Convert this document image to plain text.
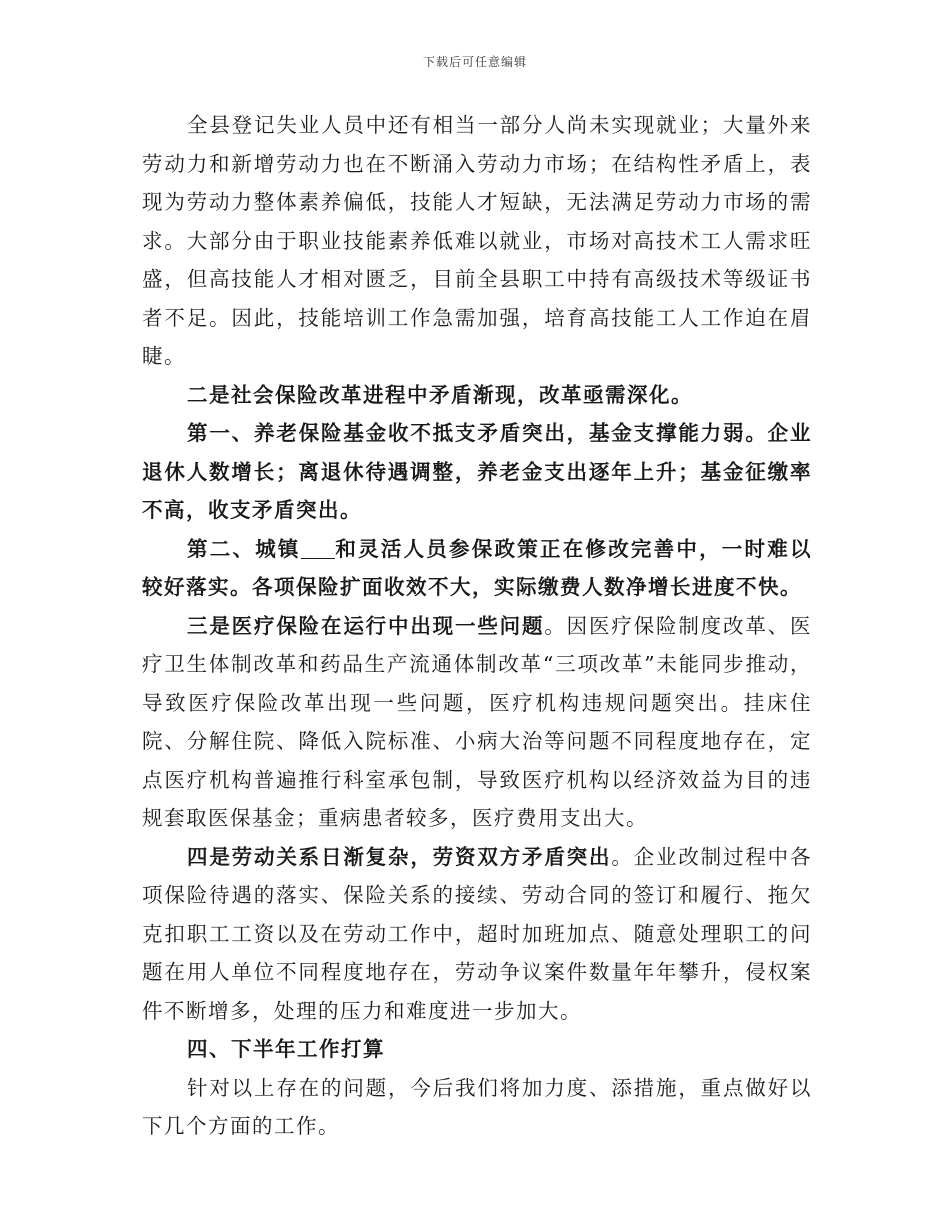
下载后可任意编辑

全县登记失业人员中还有相当一部分人尚未实现就业；大量外来劳动力和新增劳动力也在不断涌入劳动力市场；在结构性矛盾上，表现为劳动力整体素养偏低，技能人才短缺，无法满足劳动力市场的需求。大部分由于职业技能素养低难以就业，市场对高技术工人需求旺盛，但高技能人才相对匮乏，目前全县职工中持有高级技术等级证书者不足。因此，技能培训工作急需加强，培育高技能工人工作迫在眉睫。

二是社会保险改革进程中矛盾渐现，改革亟需深化。

第一、养老保险基金收不抵支矛盾突出，基金支撑能力弱。企业退休人数增长；离退休待遇调整，养老金支出逐年上升；基金征缴率不高，收支矛盾突出。

第二、城镇 和灵活人员参保政策正在修改完善中，一时难以较好落实。各项保险扩面收效不大，实际缴费人数净增长进度不快。

三是医疗保险在运行中出现一些问题。因医疗保险制度改革、医疗卫生体制改革和药品生产流通体制改革“三项改革”未能同步推动，导致医疗保险改革出现一些问题，医疗机构违规问题突出。挂床住院、分解住院、降低入院标准、小病大治等问题不同程度地存在，定点医疗机构普遍推行科室承包制，导致医疗机构以经济效益为目的违规套取医保基金；重病患者较多，医疗费用支出大。

四是劳动关系日渐复杂，劳资双方矛盾突出。企业改制过程中各项保险待遇的落实、保险关系的接续、劳动合同的签订和履行、拖欠克扣职工工资以及在劳动工作中，超时加班加点、随意处理职工的问题在用人单位不同程度地存在，劳动争议案件数量年年攀升，侵权案件不断增多，处理的压力和难度进一步加大。

四、下半年工作打算

针对以上存在的问题，今后我们将加力度、添措施，重点做好以下几个方面的工作。
